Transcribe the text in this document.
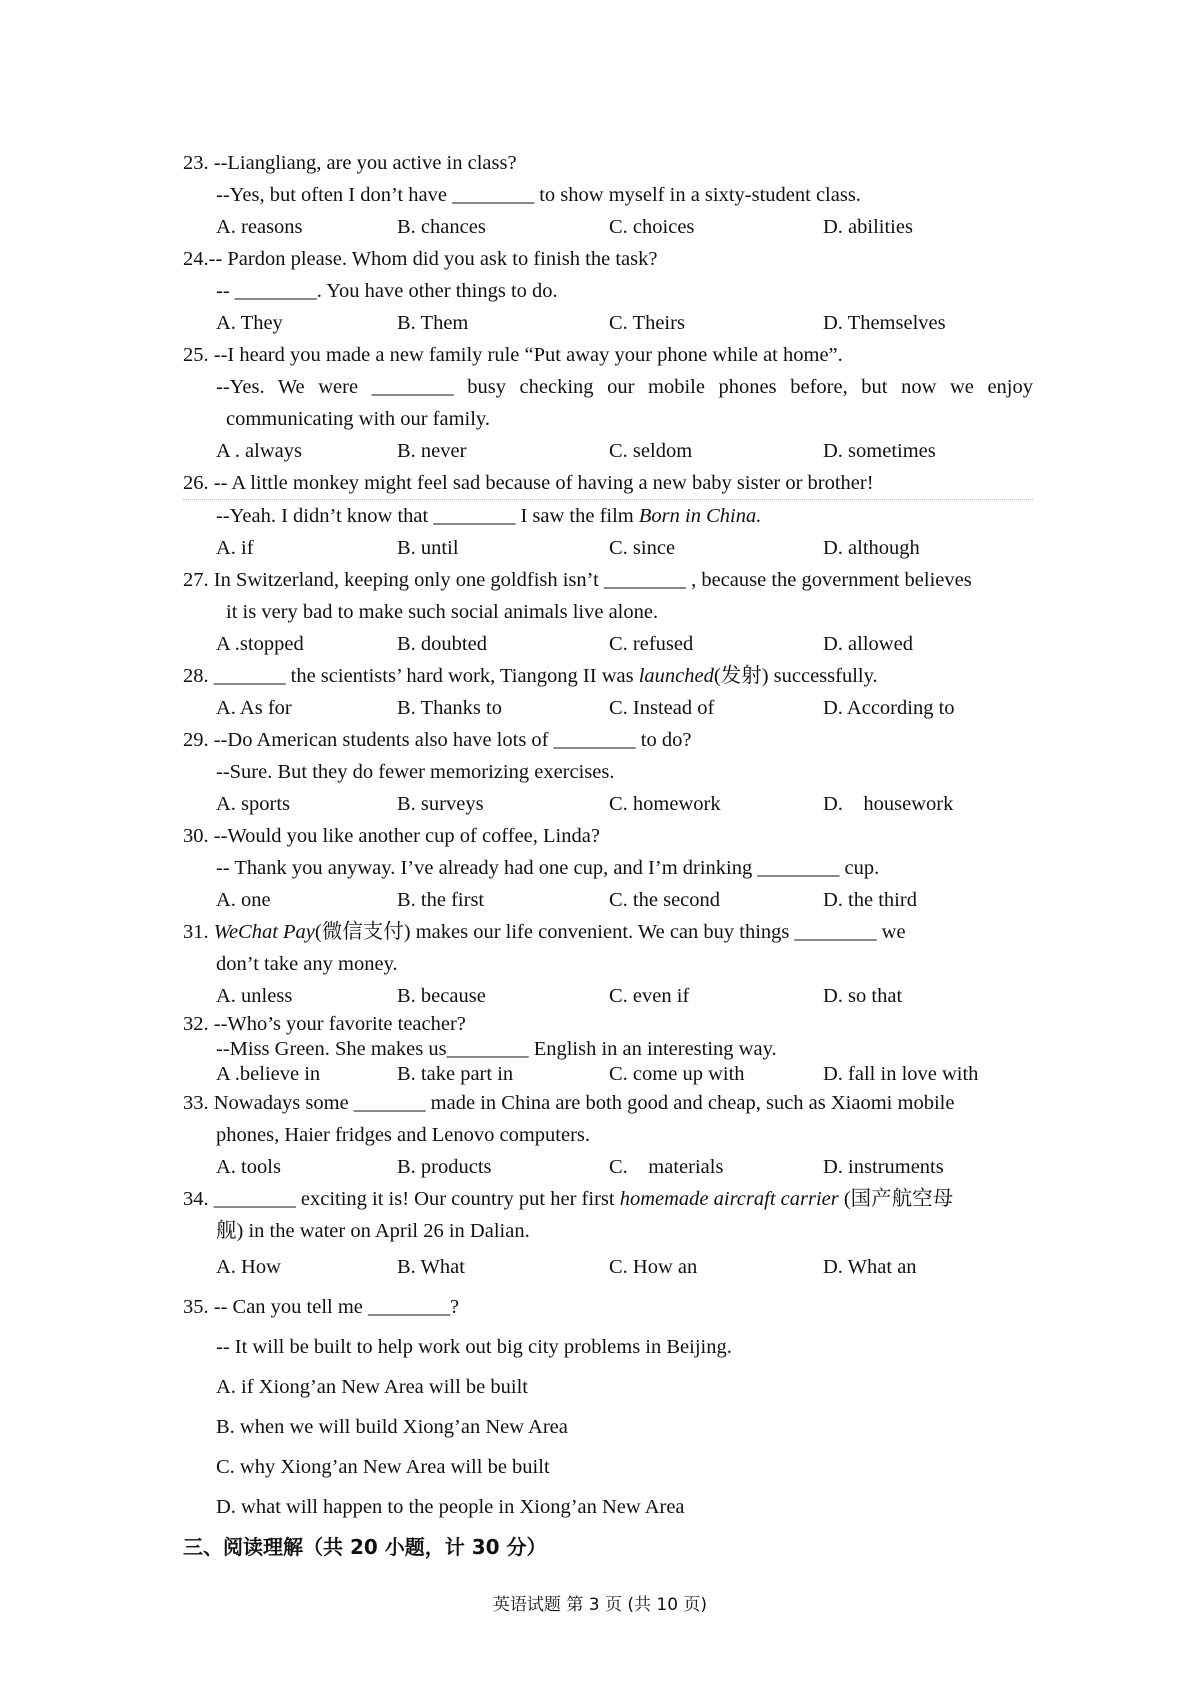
23. --Liangliang, are you active in class?
--Yes, but often I don’t have ________ to show myself in a sixty-student class.
A. reasons	B. chances	C. choices	D. abilities
24.-- Pardon please. Whom did you ask to finish the task?
-- ________. You have other things to do.
A. They	B. Them	C. Theirs	D. Themselves
25. --I heard you made a new family rule “Put away your phone while at home”.
--Yes. We were ________ busy checking our mobile phones before, but now we enjoy
communicating with our family.
A . always	B. never	C. seldom	D. sometimes
26. -- A little monkey might feel sad because of having a new baby sister or brother!
--Yeah. I didn’t know that ________ I saw the film Born in China.
A. if	B. until	C. since	D. although
27. In Switzerland, keeping only one goldfish isn’t ________ , because the government believes
it is very bad to make such social animals live alone.
A .stopped	B. doubted	C. refused	D. allowed
28. _______ the scientists’ hard work, Tiangong II was launched(发射) successfully.
A. As for	B. Thanks to	C. Instead of	D. According to
29. --Do American students also have lots of ________ to do?
--Sure. But they do fewer memorizing exercises.
A. sports	B. surveys	C. homework	D.    housework
30. --Would you like another cup of coffee, Linda?
-- Thank you anyway. I’ve already had one cup, and I’m drinking ________ cup.
A. one	B. the first	C. the second	D. the third
31. WeChat Pay(微信支付) makes our life convenient. We can buy things ________ we
don’t take any money.
A. unless	B. because	C. even if	D. so that
32. --Who’s your favorite teacher?
--Miss Green. She makes us________ English in an interesting way.
A .believe in	B. take part in	C. come up with	D. fall in love with
33. Nowadays some _______ made in China are both good and cheap, such as Xiaomi mobile
phones, Haier fridges and Lenovo computers.
A. tools	B. products	C.    materials	D. instruments
34. ________ exciting it is! Our country put her first homemade aircraft carrier (国产航空母
舰) in the water on April 26 in Dalian.
A. How	B. What	C. How an	D. What an
35. -- Can you tell me ________?
-- It will be built to help work out big city problems in Beijing.
A. if Xiong’an New Area will be built
B. when we will build Xiong’an New Area
C. why Xiong’an New Area will be built
D. what will happen to the people in Xiong’an New Area
三、阅读理解（共 20 小题，计 30 分）
英语试题 第 3 页 (共 10 页)
